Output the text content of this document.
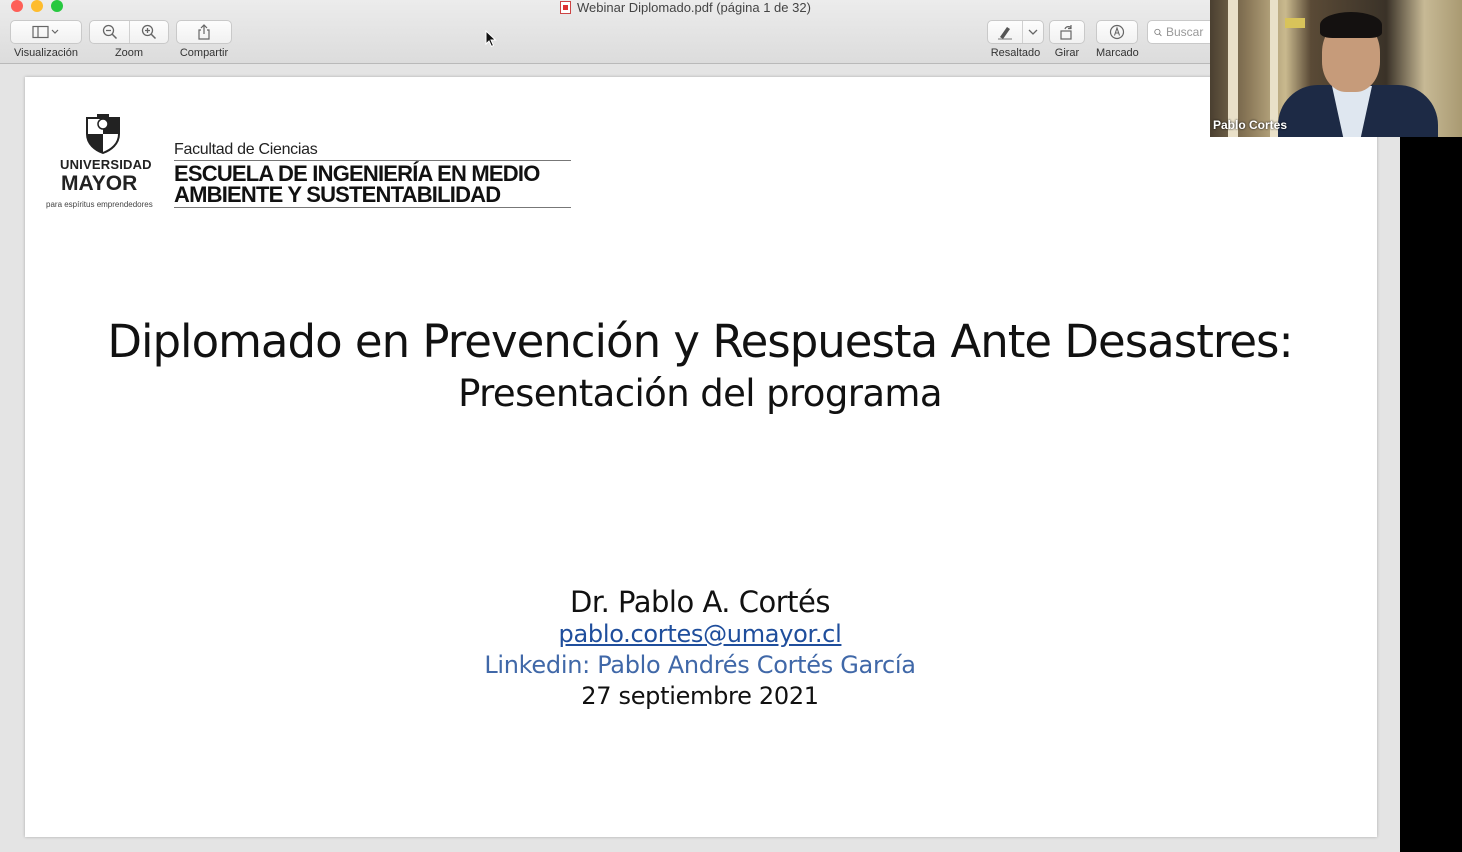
Webinar Diplomado.pdf (página 1 de 32)
Visualización	Zoom	Compartir	Resaltado Girar Marcado
Buscar
UNIVERSIDAD
MAYOR
para espíritus emprendedores
Facultad de Ciencias
ESCUELA DE INGENIERÍA EN MEDIO
AMBIENTE Y SUSTENTABILIDAD
Diplomado en Prevención y Respuesta Ante Desastres:
Presentación del programa
Dr. Pablo A. Cortés
pablo.cortes@umayor.cl
Linkedin: Pablo Andrés Cortés García
27 septiembre 2021
Pablo Cortes
